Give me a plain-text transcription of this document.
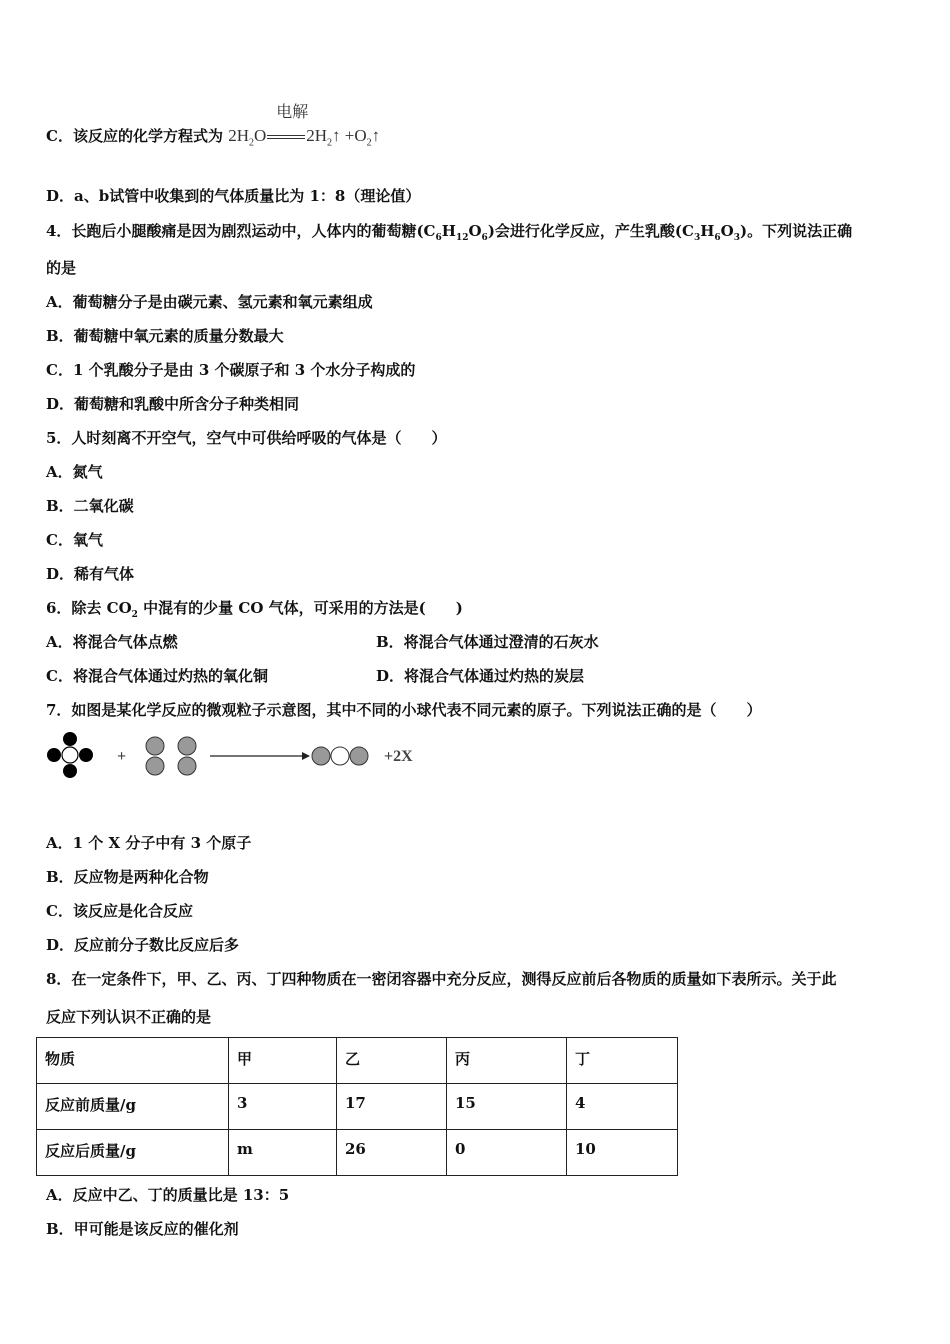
C．该反应的化学方程式为
电解
$2H_2O$ $2H_2↑$ $+O_2↑$
D．a、b试管中收集到的气体质量比为 1：8（理论值）
4．长跑后小腿酸痛是因为剧烈运动中，人体内的葡萄糖$(C_6H_{12}O_6)$会进行化学反应，产生乳酸$(C_3H_6O_3)$。下列说法正确
的是
A．葡萄糖分子是由碳元素、氢元素和氧元素组成
B．葡萄糖中氧元素的质量分数最大
C．1 个乳酸分子是由 3 个碳原子和 3 个水分子构成的
D．葡萄糖和乳酸中所含分子种类相同
5．人时刻离不开空气，空气中可供给呼吸的气体是（　　）
A．氮气
B．二氧化碳
C．氧气
D．稀有气体
6．除去 $CO_2$ 中混有的少量 CO 气体，可采用的方法是(　　)
A．将混合气体点燃	B．将混合气体通过澄清的石灰水
C．将混合气体通过灼热的氧化铜	D．将混合气体通过灼热的炭层
7．如图是某化学反应的微观粒子示意图，其中不同的小球代表不同元素的原子。下列说法正确的是（　　）
+	+2X
A．1 个 X 分子中有 3 个原子
B．反应物是两种化合物
C．该反应是化合反应
D．反应前分子数比反应后多
8．在一定条件下，甲、乙、丙、丁四种物质在一密闭容器中充分反应，测得反应前后各物质的质量如下表所示。关于此
反应下列认识不正确的是
物质	甲	乙	丙	丁
反应前质量/g	3	17	15	4
反应后质量/g	m	26	0	10
A．反应中乙、丁的质量比是 13：5
B．甲可能是该反应的催化剂
